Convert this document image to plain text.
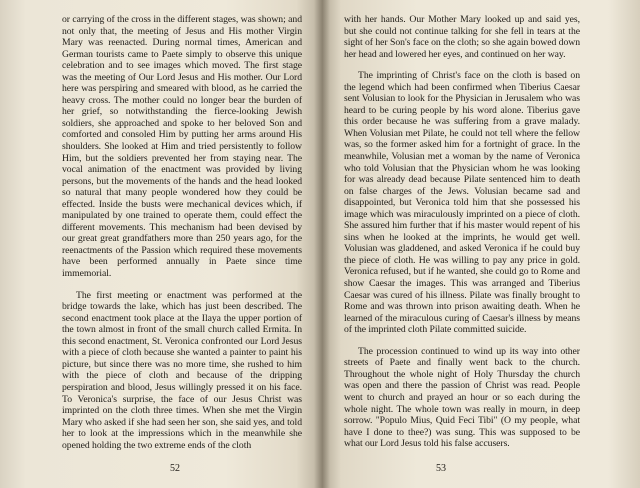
or carrying of the cross in the different stages, was shown; and not only that, the meeting of Jesus and His mother Virgin Mary was reenacted. During normal times, American and German tourists came to Paete simply to observe this unique celebration and to see images which moved. The first stage was the meeting of Our Lord Jesus and His mother. Our Lord here was perspiring and smeared with blood, as he carried the heavy cross. The mother could no longer bear the burden of her grief, so notwithstanding the fierce-looking Jewish soldiers, she approached and spoke to her beloved Son and comforted and consoled Him by putting her arms around His shoulders. She looked at Him and tried persistently to follow Him, but the soldiers prevented her from staying near. The vocal animation of the enactment was provided by living persons, but the movements of the hands and the head looked so natural that many people wondered how they could be effected. Inside the busts were mechanical devices which, if manipulated by one trained to operate them, could effect the different movements. This mechanism had been devised by our great great grandfathers more than 250 years ago, for the reenactments of the Passion which required these movements have been performed annually in Paete since time immemorial.

The first meeting or enactment was performed at the bridge towards the lake, which has just been described. The second enactment took place at the Ilaya the upper portion of the town almost in front of the small church called Ermita. In this second enactment, St. Veronica confronted our Lord Jesus with a piece of cloth because she wanted a painter to paint his picture, but since there was no more time, she rushed to him with the piece of cloth and because of the dripping perspiration and blood, Jesus willingly pressed it on his face. To Veronica's surprise, the face of our Jesus Christ was imprinted on the cloth three times. When she met the Virgin Mary who asked if she had seen her son, she said yes, and told her to look at the impressions which in the meanwhile she opened holding the two extreme ends of the cloth

52

with her hands. Our Mother Mary looked up and said yes, but she could not continue talking for she fell in tears at the sight of her Son's face on the cloth; so she again bowed down her head and lowered her eyes, and continued on her way.

The imprinting of Christ's face on the cloth is based on the legend which had been confirmed when Tiberius Caesar sent Volusian to look for the Physician in Jerusalem who was heard to be curing people by his word alone. Tiberius gave this order because he was suffering from a grave malady. When Volusian met Pilate, he could not tell where the fellow was, so the former asked him for a fortnight of grace. In the meanwhile, Volusian met a woman by the name of Veronica who told Volusian that the Physician whom he was looking for was already dead because Pilate sentenced him to death on false charges of the Jews. Volusian became sad and disappointed, but Veronica told him that she possessed his image which was miraculously imprinted on a piece of cloth. She assured him further that if his master would repent of his sins when he looked at the imprints, he would get well. Volusian was gladdened, and asked Veronica if he could buy the piece of cloth. He was willing to pay any price in gold. Veronica refused, but if he wanted, she could go to Rome and show Caesar the images. This was arranged and Tiberius Caesar was cured of his illness. Pilate was finally brought to Rome and was thrown into prison awaiting death. When he learned of the miraculous curing of Caesar's illness by means of the imprinted cloth Pilate committed suicide.

The procession continued to wind up its way into other streets of Paete and finally went back to the church. Throughout the whole night of Holy Thursday the church was open and there the passion of Christ was read. People went to church and prayed an hour or so each during the whole night. The whole town was really in mourn, in deep sorrow. "Populo Mius, Quid Feci Tibi" (O my people, what have I done to thee?) was sung. This was supposed to be what our Lord Jesus told his false accusers.

53
